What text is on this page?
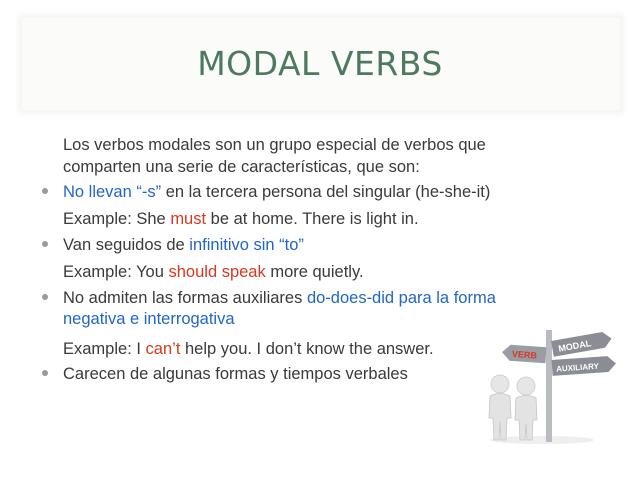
MODAL VERBS
Los verbos modales son un grupo especial de verbos que
comparten una serie de características, que son:
No llevan “-s” en la tercera persona del singular (he-she-it)
Example: She must be at home. There is light in.
Van seguidos de infinitivo sin “to”
Example: You should speak more quietly.
No admiten las formas auxiliares do-does-did para la forma
negativa e interrogativa
Example: I can’t help you. I don’t know the answer.
Carecen de algunas formas y tiempos verbales
MODAL
VERB
AUXILIARY
